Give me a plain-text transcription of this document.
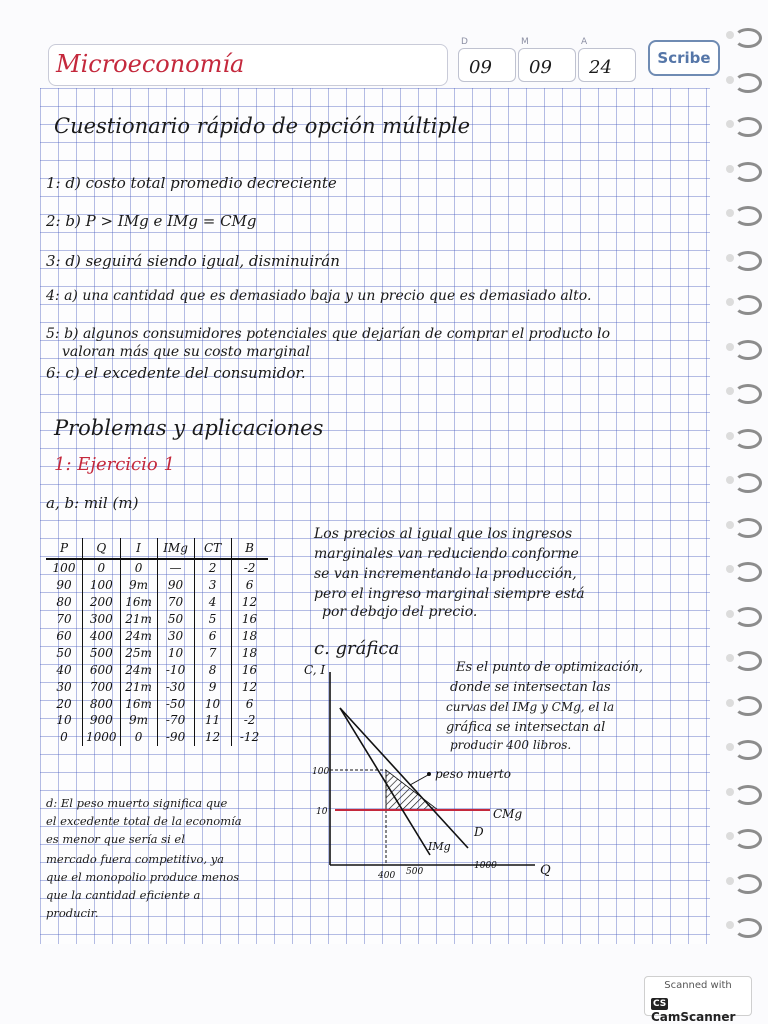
Microeconomía
D
09
M
09
A
24	Scribe
Cuestionario rápido de opción múltiple
1: d) costo total promedio decreciente
2: b) P > IMg e IMg = CMg
3: d) seguirá siendo igual, disminuirán
4: a) una cantidad que es demasiado baja y un precio que es demasiado alto.
5: b) algunos consumidores potenciales que dejarían de comprar el producto lo
valoran más que su costo marginal
6: c) el excedente del consumidor.
Problemas y aplicaciones
1: Ejercicio 1
a, b: mil (m)
P	Q	I	IMg	CT	B
100	0	0	—	2	-2
90	100	9m	90	3	6
80	200	16m	70	4	12
70	300	21m	50	5	16
60	400	24m	30	6	18
50	500	25m	10	7	18
40	600	24m	-10	8	16
30	700	21m	-30	9	12
20	800	16m	-50	10	6
10	900	9m	-70	11	-2
0	1000	0	-90	12	-12
Los precios al igual que los ingresos
marginales van reduciendo conforme
se van incrementando la producción,
pero el ingreso marginal siempre está
por debajo del precio.
c. gráfica
C, I
Q
100
10
400 500
1000
peso muerto
CMg
D
IMg
Es el punto de optimización,
donde se intersectan las
curvas del IMg y CMg, el la
gráfica se intersectan al
producir 400 libros.
d: El peso muerto significa que
el excedente total de la economía
es menor que sería si el
mercado fuera competitivo, ya
que el monopolio produce menos
que la cantidad eficiente a
producir.
Scanned with
CSCamScanner
